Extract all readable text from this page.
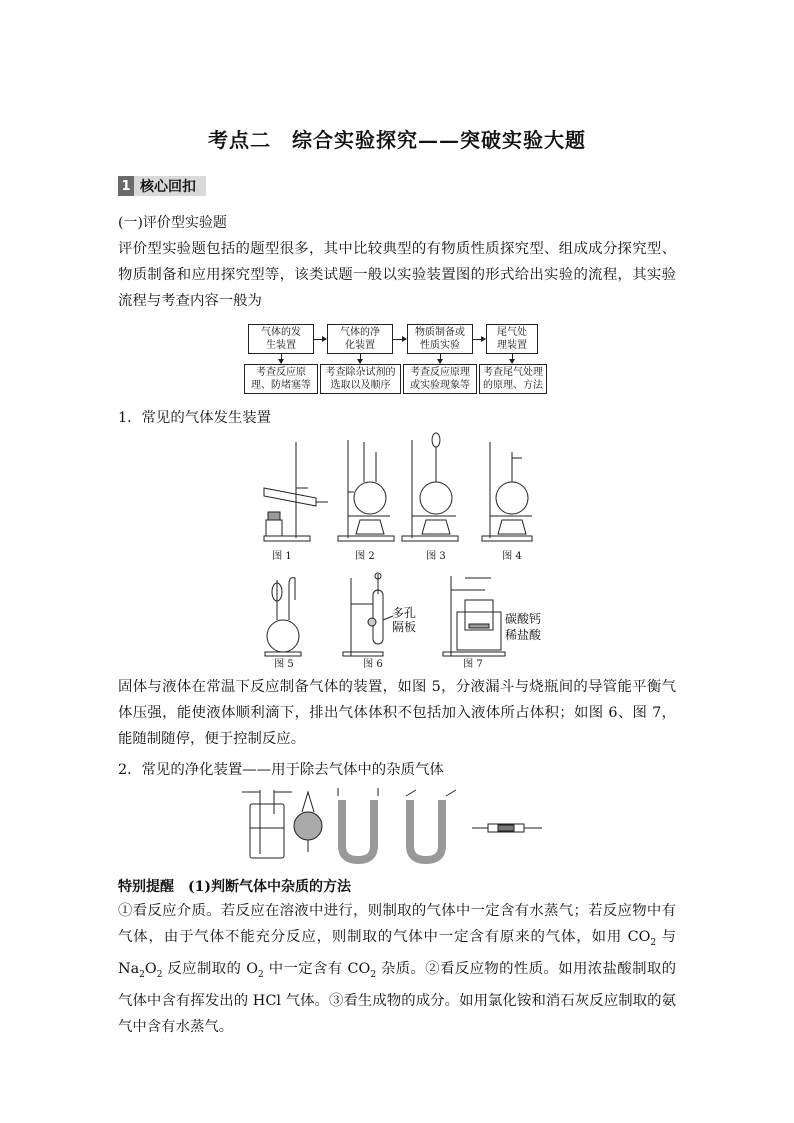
考点二　综合实验探究——突破实验大题
1 核心回扣
(一)评价型实验题
评价型实验题包括的题型很多，其中比较典型的有物质性质探究型、组成成分探究型、物质制备和应用探究型等，该类试题一般以实验装置图的形式给出实验的流程，其实验流程与考查内容一般为
气体的发
生装置
气体的净
化装置
物质制备或
性质实验
尾气处
理装置
考查反应原
理、防堵塞等
考查除杂试剂的
选取以及顺序
考查反应原理
或实验现象等
考查尾气处理
的原理、方法
1．常见的气体发生装置
图 1	图 2	图 3	图 4
多孔
隔板
碳酸钙
稀盐酸
图 5	图 6	图 7
固体与液体在常温下反应制备气体的装置，如图 5，分液漏斗与烧瓶间的导管能平衡气体压强，能使液体顺利滴下，排出气体体积不包括加入液体所占体积；如图 6、图 7，能随制随停，便于控制反应。
2．常见的净化装置——用于除去气体中的杂质气体
特别提醒　(1)判断气体中杂质的方法
①看反应介质。若反应在溶液中进行，则制取的气体中一定含有水蒸气；若反应物中有气体，由于气体不能充分反应，则制取的气体中一定含有原来的气体，如用 $CO_2$ 与 $Na_2O_2$ 反应制取的 $O_2$ 中一定含有 $CO_2$ 杂质。②看反应物的性质。如用浓盐酸制取的气体中含有挥发出的 HCl 气体。③看生成物的成分。如用氯化铵和消石灰反应制取的氨气中含有水蒸气。
